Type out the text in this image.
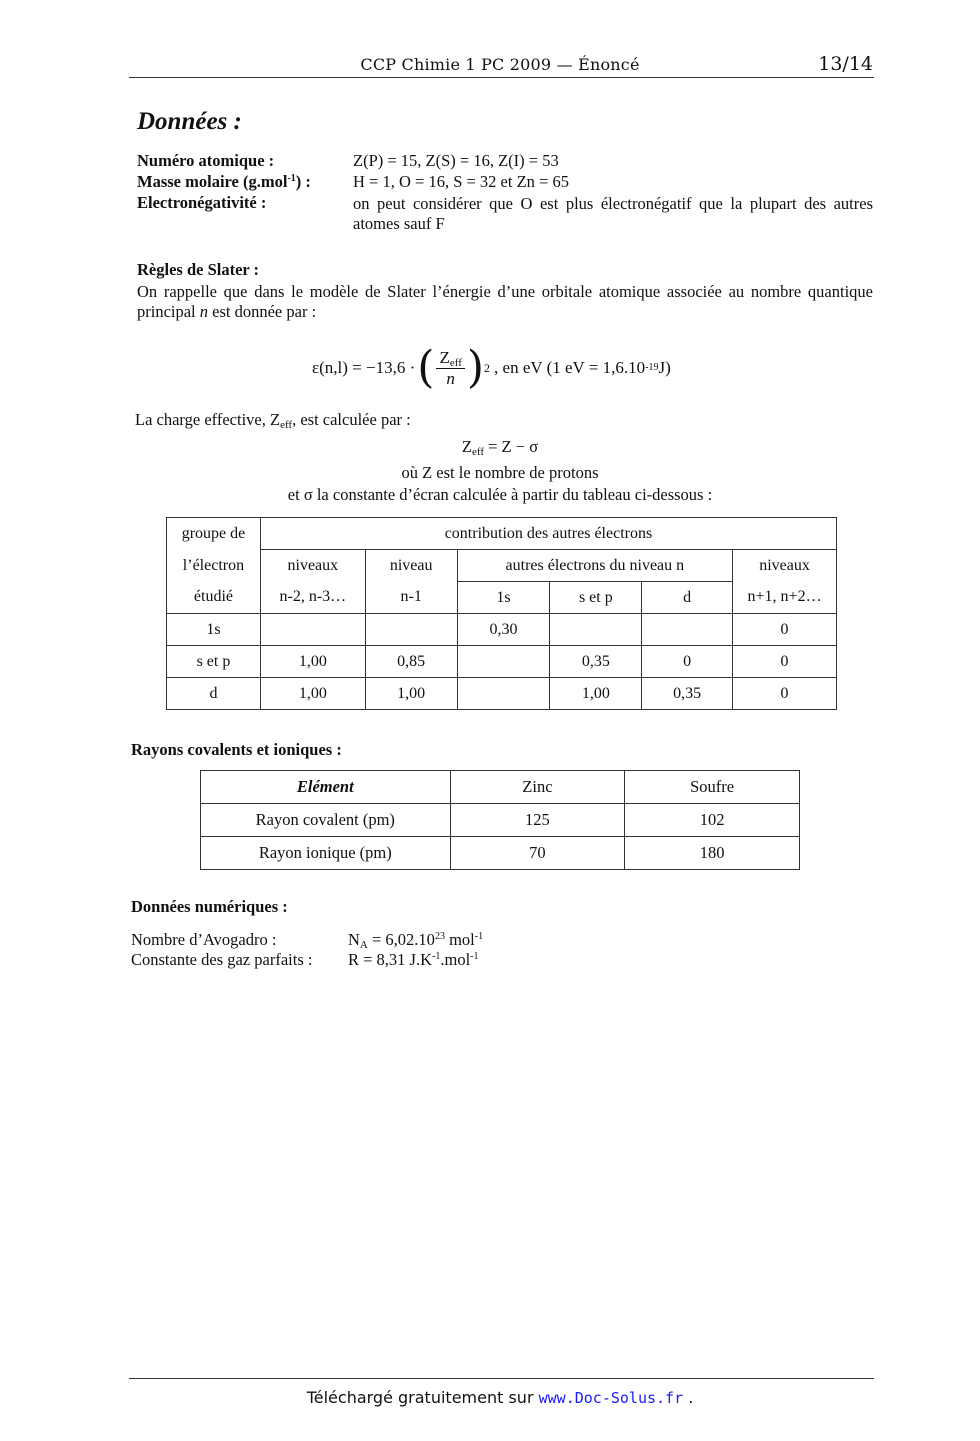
CCP Chimie 1 PC 2009 — Énoncé	13/14
Données :
Numéro atomique :	Z(P) = 15, Z(S) = 16, Z(I) = 53
Masse molaire (g.mol$^{-1}$) :	H = 1, O = 16, S = 32 et Zn = 65
Electronégativité :	on peut considérer que O est plus électronégatif que la plupart des autres atomes sauf F
Règles de Slater :
On rappelle que dans le modèle de Slater l’énergie d’une orbitale atomique associée au nombre quantique principal n est donnée par :
ε(n,l) = −13,6 · ( $Z_{eff}$
n ) 2 , en eV (1 eV = 1,6.10 -19 J)
La charge effective, $Z_{eff}$, est calculée par :
$Z_{eff} = Z - \sigma$
où Z est le nombre de protons
et σ la constante d’écran calculée à partir du tableau ci-dessous :
groupe de	contribution des autres électrons					
l’électron	niveaux	niveau	autres électrons du niveau n			niveaux
étudié	n-2, n-3…	n-1	1s	s et p	d	n+1, n+2…
1s			0,30			0
s et p	1,00	0,85		0,35	0	0
d	1,00	1,00		1,00	0,35	0
Rayons covalents et ioniques :
Elément	Zinc	Soufre
Rayon covalent (pm)	125	102
Rayon ionique (pm)	70	180
Données numériques :
Nombre d’Avogadro :	$N_A = 6,02.10^{23}$ mol$^{-1}$
Constante des gaz parfaits : R = 8,31 $J.K^{-1}.mol^{-1}$
Téléchargé gratuitement sur www.Doc-Solus.fr .
